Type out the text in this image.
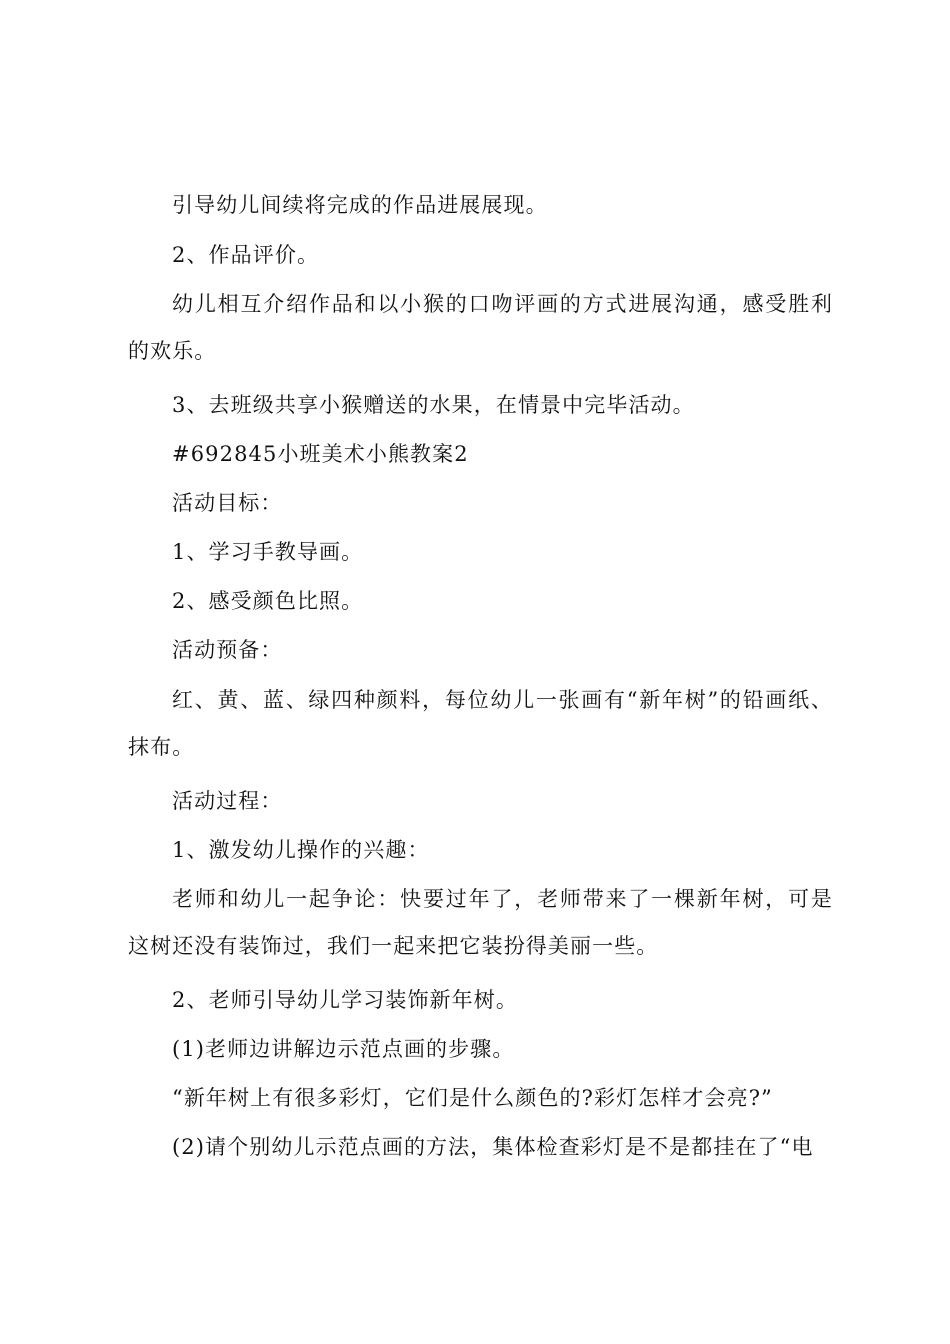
引导幼儿间续将完成的作品进展展现。

2、作品评价。

幼儿相互介绍作品和以小猴的口吻评画的方式进展沟通，感受胜利的欢乐。

3、去班级共享小猴赠送的水果，在情景中完毕活动。

#692845小班美术小熊教案2

活动目标：

1、学习手教导画。

2、感受颜色比照。

活动预备：

红、黄、蓝、绿四种颜料，每位幼儿一张画有“新年树”的铅画纸、抹布。

活动过程：

1、激发幼儿操作的兴趣：

老师和幼儿一起争论：快要过年了，老师带来了一棵新年树，可是这树还没有装饰过，我们一起来把它装扮得美丽一些。

2、老师引导幼儿学习装饰新年树。

(1)老师边讲解边示范点画的步骤。

“新年树上有很多彩灯，它们是什么颜色的?彩灯怎样才会亮?”

(2)请个别幼儿示范点画的方法，集体检查彩灯是不是都挂在了“电
